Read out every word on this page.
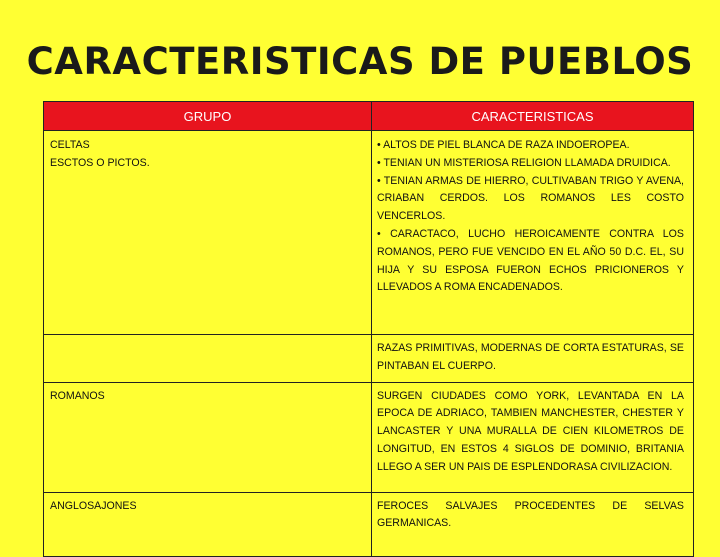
CARACTERISTICAS DE PUEBLOS
GRUPO	CARACTERISTICAS

CELTAS
ESCTOS O PICTOS.	• ALTOS DE PIEL BLANCA DE RAZA INDOEROPEA.
• TENIAN UN MISTERIOSA RELIGION LLAMADA DRUIDICA.
• TENIAN ARMAS DE HIERRO, CULTIVABAN TRIGO Y AVENA, CRIABAN CERDOS. LOS ROMANOS LES COSTO VENCERLOS.
• CARACTACO, LUCHO HEROICAMENTE CONTRA LOS ROMANOS, PERO FUE VENCIDO EN EL AÑO 50 D.C. EL, SU HIJA Y SU ESPOSA FUERON ECHOS PRICIONEROS Y LLEVADOS A ROMA ENCADENADOS.

	RAZAS PRIMITIVAS, MODERNAS DE CORTA ESTATURAS, SE PINTABAN EL CUERPO.

ROMANOS	SURGEN CIUDADES COMO YORK, LEVANTADA EN LA EPOCA DE ADRIACO, TAMBIEN MANCHESTER, CHESTER Y LANCASTER Y UNA MURALLA DE CIEN KILOMETROS DE LONGITUD, EN ESTOS 4 SIGLOS DE DOMINIO, BRITANIA LLEGO A SER UN PAIS DE ESPLENDORASA CIVILIZACION.

ANGLOSAJONES	FEROCES SALVAJES PROCEDENTES DE SELVAS GERMANICAS.
